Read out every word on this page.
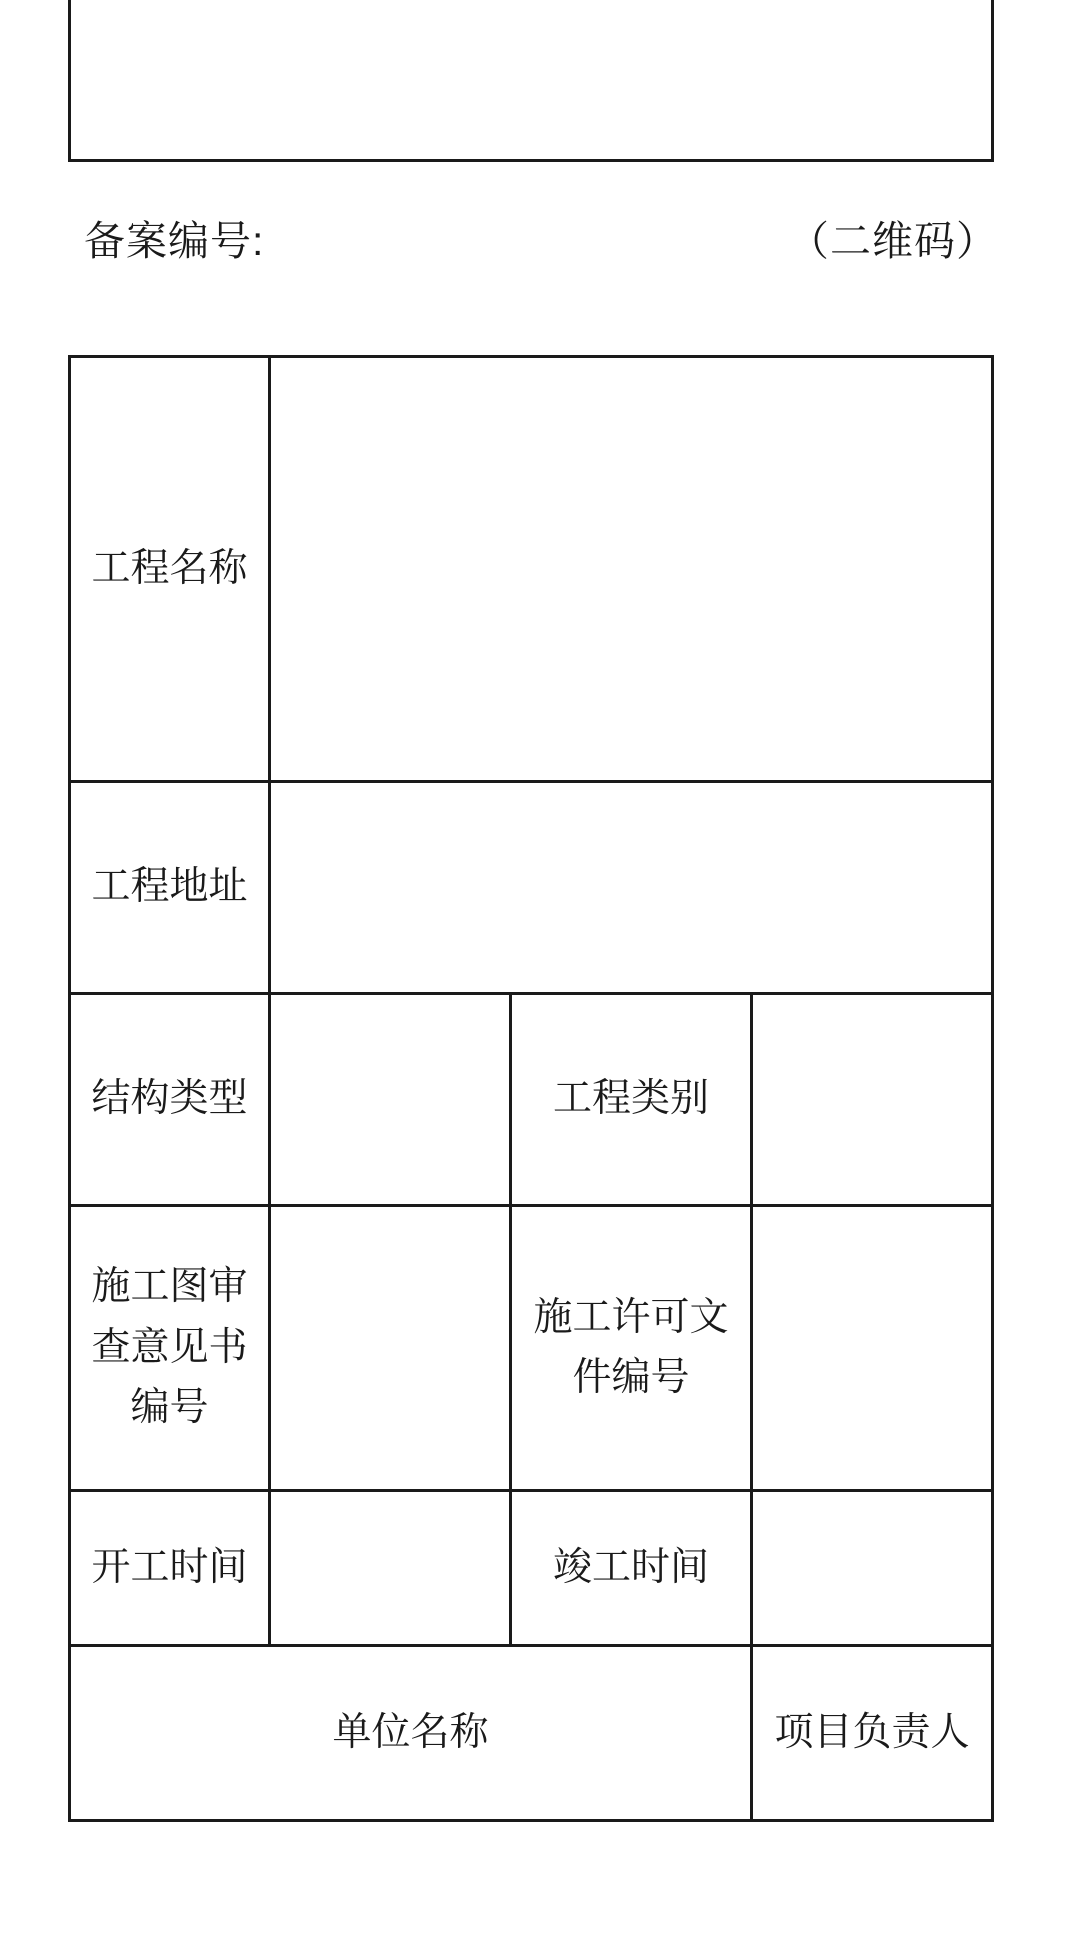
备案编号:	（二维码）
工程名称			
工程地址			
结构类型		工程类别	
施工图审查意见书编号		施工许可文件编号	
开工时间		竣工时间	
单位名称			项目负责人
